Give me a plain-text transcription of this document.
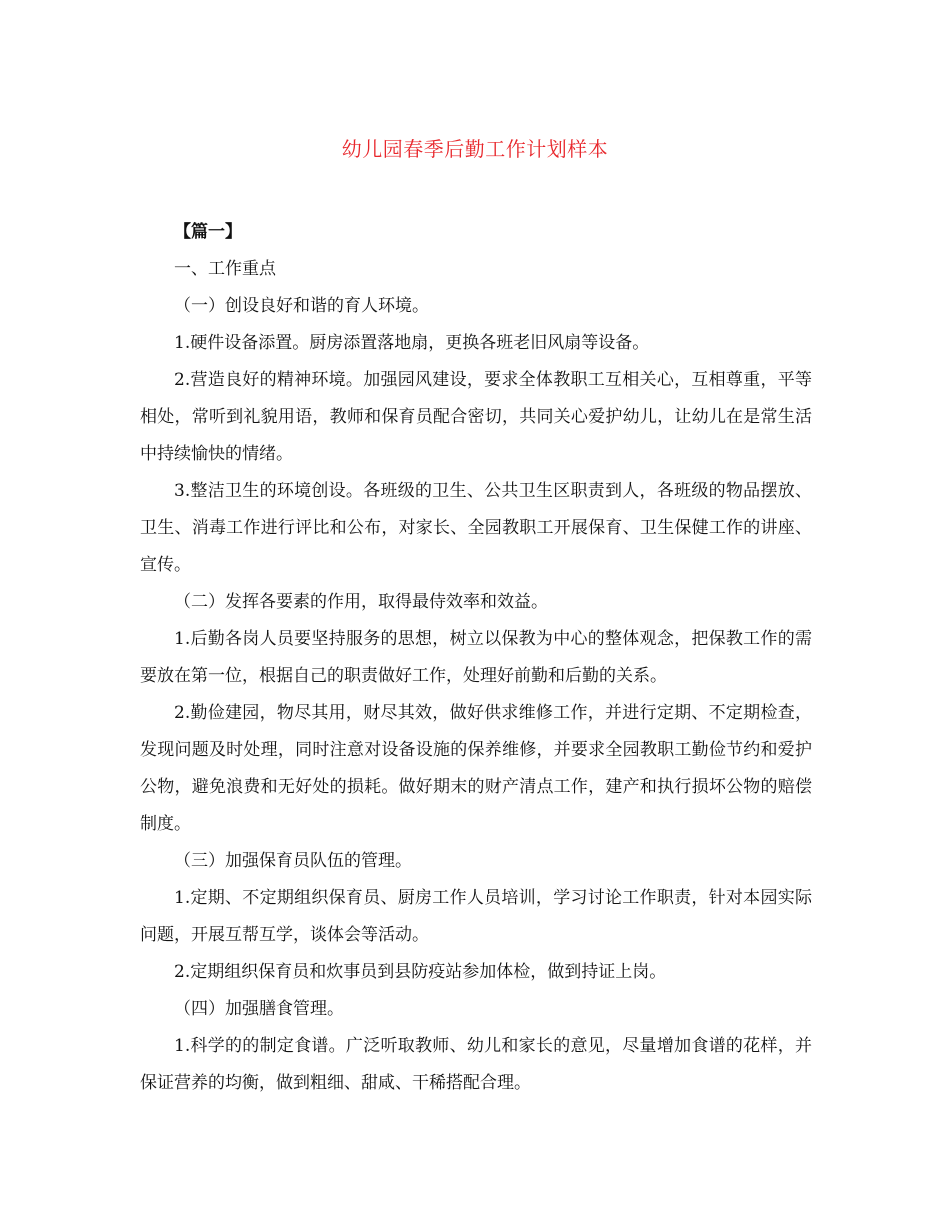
幼儿园春季后勤工作计划样本

【篇一】

一、工作重点

（一）创设良好和谐的育人环境。

1.硬件设备添置。厨房添置落地扇，更换各班老旧风扇等设备。

2.营造良好的精神环境。加强园风建设，要求全体教职工互相关心，互相尊重，平等相处，常听到礼貌用语，教师和保育员配合密切，共同关心爱护幼儿，让幼儿在是常生活中持续愉快的情绪。

3.整洁卫生的环境创设。各班级的卫生、公共卫生区职责到人，各班级的物品摆放、卫生、消毒工作进行评比和公布，对家长、全园教职工开展保育、卫生保健工作的讲座、宣传。

（二）发挥各要素的作用，取得最侍效率和效益。

1.后勤各岗人员要坚持服务的思想，树立以保教为中心的整体观念，把保教工作的需要放在第一位，根据自己的职责做好工作，处理好前勤和后勤的关系。

2.勤俭建园，物尽其用，财尽其效，做好供求维修工作，并进行定期、不定期检查，发现问题及时处理，同时注意对设备设施的保养维修，并要求全园教职工勤俭节约和爱护公物，避免浪费和无好处的损耗。做好期末的财产清点工作，建产和执行损坏公物的赔偿制度。

（三）加强保育员队伍的管理。

1.定期、不定期组织保育员、厨房工作人员培训，学习讨论工作职责，针对本园实际问题，开展互帮互学，谈体会等活动。

2.定期组织保育员和炊事员到县防疫站参加体检，做到持证上岗。

（四）加强膳食管理。

1.科学的的制定食谱。广泛听取教师、幼儿和家长的意见，尽量增加食谱的花样，并保证营养的均衡，做到粗细、甜咸、干稀搭配合理。
